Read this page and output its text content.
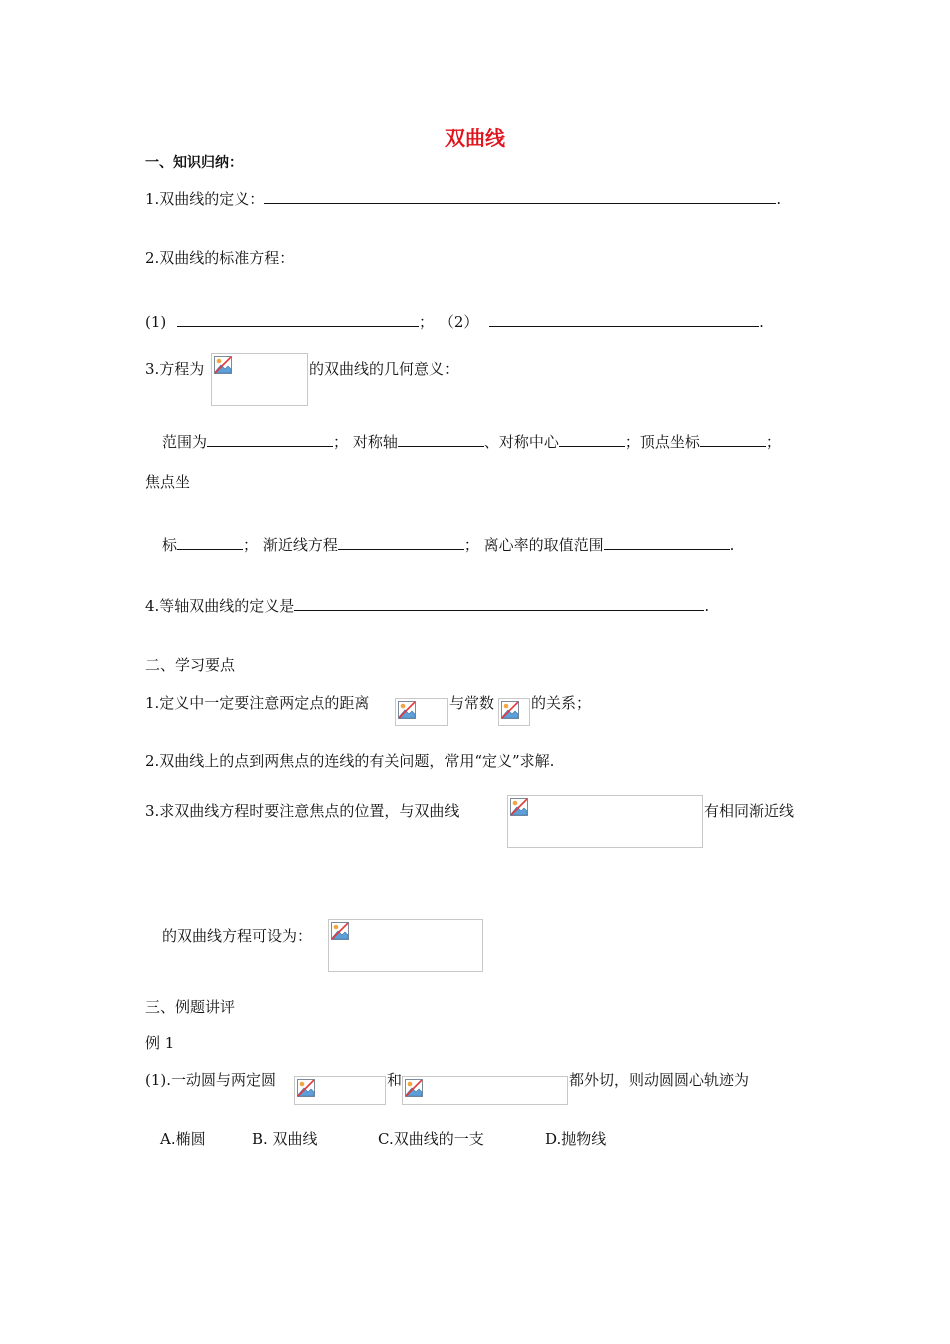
双曲线
一、知识归纳：
1.双曲线的定义：	.
2.双曲线的标准方程：
(1)	； （2）	.
3.方程为	的双曲线的几何意义：
范围为	； 对称轴	、对称中心	；顶点坐标	；
焦点坐
标	； 渐近线方程	； 离心率的取值范围	.
4.等轴双曲线的定义是	.
二、学习要点
1.定义中一定要注意两定点的距离	与常数 的关系；
2.双曲线上的点到两焦点的连线的有关问题，常用“定义”求解.
3.求双曲线方程时要注意焦点的位置，与双曲线	有相同渐近线
的双曲线方程可设为：
三、例题讲评
例 1
(1).一动圆与两定圆	和	都外切，则动圆圆心轨迹为
A.椭圆	B. 双曲线	C.双曲线的一支	D.抛物线
